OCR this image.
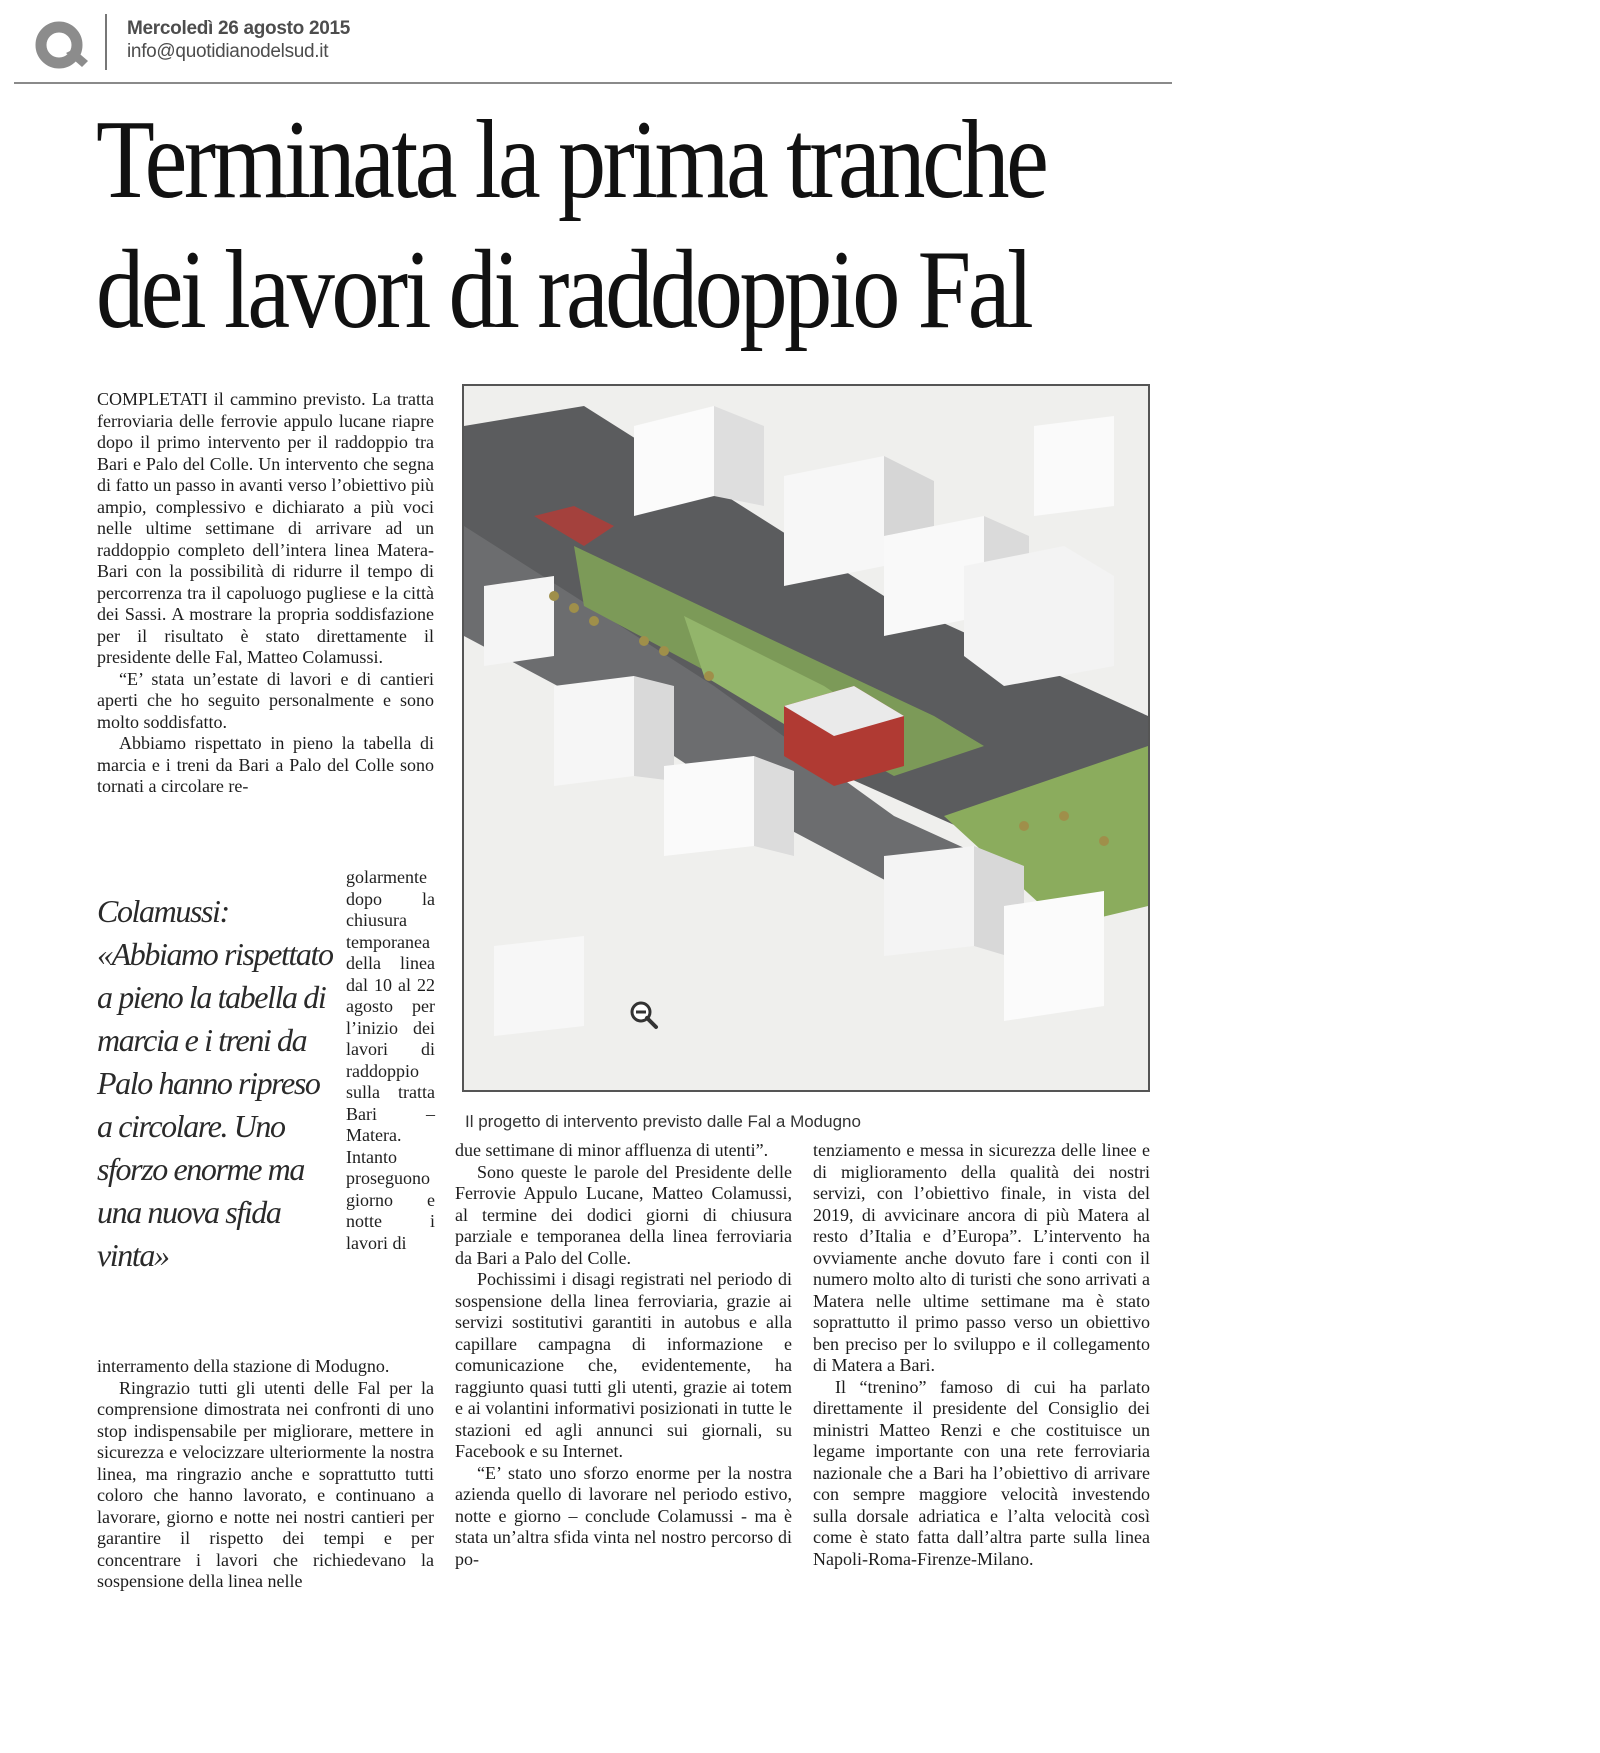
Mercoledì 26 agosto 2015
info@quotidianodelsud.it
Terminata la prima tranche
dei lavori di raddoppio Fal
Il progetto di intervento previsto dalle Fal a Modugno

COMPLETATI il cammino previsto. La tratta ferroviaria delle ferrovie appulo lucane riapre dopo il primo intervento per il raddoppio tra Bari e Palo del Colle. Un intervento che segna di fatto un passo in avanti verso l’obiettivo più ampio, complessivo e dichiarato a più voci nelle ultime settimane di arrivare ad un raddoppio completo dell’intera linea Matera-Bari con la possibilità di ridurre il tempo di percorrenza tra il capoluogo pugliese e la città dei Sassi. A mostrare la propria soddisfazione per il risultato è stato direttamente il presidente delle Fal, Matteo Colamussi.

“E’ stata un’estate di lavori e di cantieri aperti che ho seguito personalmente e sono molto soddisfatto.

Abbiamo rispettato in pieno la tabella di marcia e i treni da Bari a Palo del Colle sono tornati a circolare re-

golarmente dopo la chiusura temporanea della linea dal 10 al 22 agosto per l’inizio dei lavori di raddoppio sulla tratta Bari – Matera. Intanto proseguono giorno e notte i lavori di

Colamussi: «Abbiamo rispettato a pieno la tabella di marcia e i treni da Palo hanno ripreso a circolare. Uno sforzo enorme ma una nuova sfida vinta»

interramento della stazione di Modugno.

Ringrazio tutti gli utenti delle Fal per la comprensione dimostrata nei confronti di uno stop indispensabile per migliorare, mettere in sicurezza e velocizzare ulteriormente la nostra linea, ma ringrazio anche e soprattutto tutti coloro che hanno lavorato, e continuano a lavorare, giorno e notte nei nostri cantieri per garantire il rispetto dei tempi e per concentrare i lavori che richiedevano la sospensione della linea nelle

due settimane di minor affluenza di utenti”.

Sono queste le parole del Presidente delle Ferrovie Appulo Lucane, Matteo Colamussi, al termine dei dodici giorni di chiusura parziale e temporanea della linea ferroviaria da Bari a Palo del Colle.

Pochissimi i disagi registrati nel periodo di sospensione della linea ferroviaria, grazie ai servizi sostitutivi garantiti in autobus e alla capillare campagna di informazione e comunicazione che, evidentemente, ha raggiunto quasi tutti gli utenti, grazie ai totem e ai volantini informativi posizionati in tutte le stazioni ed agli annunci sui giornali, su Facebook e su Internet.

“E’ stato uno sforzo enorme per la nostra azienda quello di lavorare nel periodo estivo, notte e giorno – conclude Colamussi - ma è stata un’altra sfida vinta nel nostro percorso di po-

tenziamento e messa in sicurezza delle linee e di miglioramento della qualità dei nostri servizi, con l’obiettivo finale, in vista del 2019, di avvicinare ancora di più Matera al resto d’Italia e d’Europa”. L’intervento ha ovviamente anche dovuto fare i conti con il numero molto alto di turisti che sono arrivati a Matera nelle ultime settimane ma è stato soprattutto il primo passo verso un obiettivo ben preciso per lo sviluppo e il collegamento di Matera a Bari.

Il “trenino” famoso di cui ha parlato direttamente il presidente del Consiglio dei ministri Matteo Renzi e che costituisce un legame importante con una rete ferroviaria nazionale che a Bari ha l’obiettivo di arrivare con sempre maggiore velocità investendo sulla dorsale adriatica e l’alta velocità così come è stato fatta dall’altra parte sulla linea Napoli-Roma-Firenze-Milano.
